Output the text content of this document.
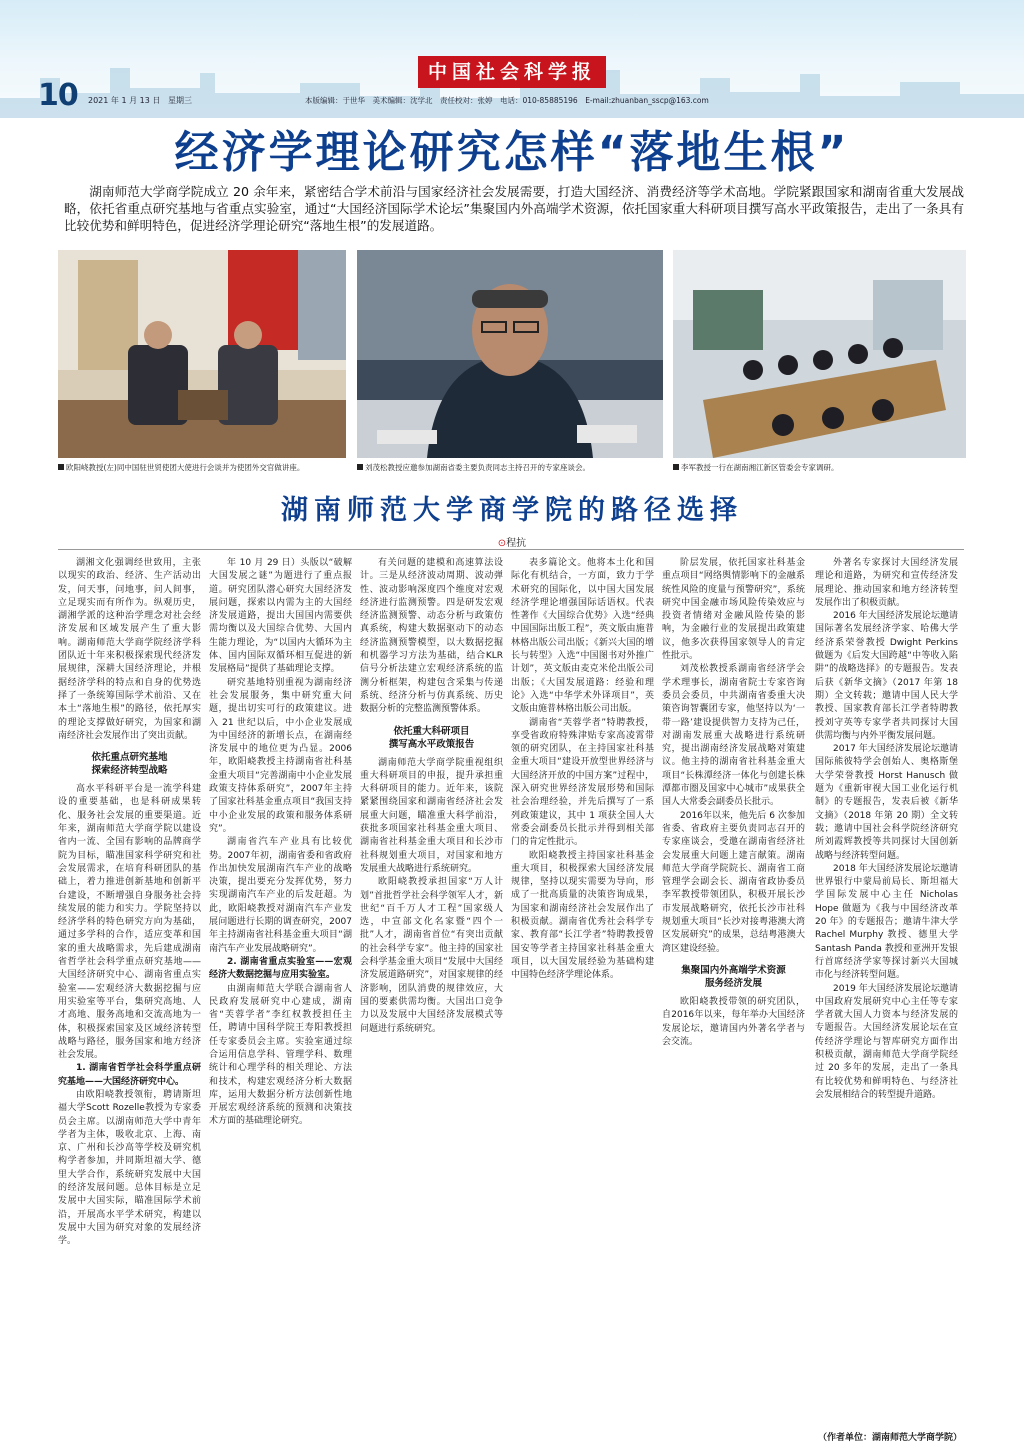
中国社会科学报
10 2021 年 1 月 13 日 星期三	本版编辑：于世华　美术编辑：沈学北　责任校对：张婷　电话：010-85885196　E-mail:zhuanban_sscp@163.com
经济学理论研究怎样“落地生根”

湖南师范大学商学院成立 20 余年来，紧密结合学术前沿与国家经济社会发展需要，打造大国经济、消费经济等学术高地。学院紧跟国家和湖南省重大发展战略，依托省重点研究基地与省重点实验室，通过“大国经济国际学术论坛”集聚国内外高端学术资源，依托国家重大科研项目撰写高水平政策报告，走出了一条具有比较优势和鲜明特色，促进经济学理论研究“落地生根”的发展道路。

欧阳峣教授(左)同中国驻世贸使团大使进行会谈并为使团外交官做讲座。	刘茂松教授应邀参加湖南省委主要负责同志主持召开的专家座谈会。	李军教授一行在湖南湘江新区管委会专家调研。
湖南师范大学商学院的路径选择
⊙程抗

湖湘文化强调经世致用，主张以现实的政治、经济、生产活动出发，问天事，问地事，问人间事，立足现实而有所作为。纵观历史，湖湘学派的这种治学理念对社会经济发展和区域发展产生了重大影响。湖南师范大学商学院经济学科团队近十年来积极探索现代经济发展规律，深耕大国经济理论，并根据经济学科的特点和自身的优势选择了一条统筹国际学术前沿、又在本土“落地生根”的路径，依托厚实的理论支撑做好研究，为国家和湖南经济社会发展作出了突出贡献。

依托重点研究基地
探索经济转型战略

高水平科研平台是一流学科建设的重要基础，也是科研成果转化、服务社会发展的重要渠道。近年来，湖南师范大学商学院以建设省内一流、全国有影响的品牌商学院为目标，瞄准国家科学研究和社会发展需求，在培育科研团队的基础上，着力推进创新基地和创新平台建设，不断增强自身服务社会持续发展的能力和实力。学院坚持以经济学科的特色研究方向为基础，通过多学科的合作，适应变革和国家的重大战略需求，先后建成湖南省哲学社会科学重点研究基地——大国经济研究中心、湖南省重点实验室——宏观经济大数据挖掘与应用实验室等平台，集研究高地、人才高地、服务高地和交流高地为一体，积极探索国家及区域经济转型战略与路径，服务国家和地方经济社会发展。

1. 湖南省哲学社会科学重点研究基地——大国经济研究中心。

由欧阳峣教授领衔，聘请斯坦福大学Scott Rozelle教授为专家委员会主席。以湖南师范大学中青年学者为主体，吸收北京、上海、南京、广州和长沙高等学校及研究机构学者参加，并同斯坦福大学、德里大学合作，系统研究发展中大国的经济发展问题。总体目标是立足发展中大国实际，瞄准国际学术前沿，开展高水平学术研究，构建以发展中大国为研究对象的发展经济学。

年 10 月 29 日）头版以“破解大国发展之谜”为题进行了重点报道。研究团队潜心研究大国经济发展问题，探索以内需为主的大国经济发展道路，提出大国国内需要供需均衡以及大国综合优势、大国内生能力理论，为“以国内大循环为主体、国内国际双循环相互促进的新发展格局”提供了基础理论支撑。

研究基地特别重视为湖南经济社会发展服务，集中研究重大问题，提出切实可行的政策建议。进入 21 世纪以后，中小企业发展成为中国经济的新增长点，在湖南经济发展中的地位更为凸显。2006年，欧阳峣教授主持湖南省社科基金重大项目“完善湖南中小企业发展政策支持体系研究”，2007年主持了国家社科基金重点项目“我国支持中小企业发展的政策和服务体系研究”。

湖南省汽车产业具有比较优势。2007年初，湖南省委和省政府作出加快发展湖南汽车产业的战略决策，提出要充分发挥优势，努力实现湖南汽车产业的后发赶超。为此，欧阳峣教授对湖南汽车产业发展问题进行长期的调查研究，2007年主持湖南省社科基金重大项目“湖南汽车产业发展战略研究”。

2. 湖南省重点实验室——宏观经济大数据挖掘与应用实验室。

由湖南师范大学联合湖南省人民政府发展研究中心建成，湖南省“芙蓉学者”李红权教授担任主任，聘请中国科学院王寿阳教授担任专家委员会主席。实验室通过综合运用信息学科、管理学科、数理统计和心理学科的相关理论、方法和技术，构建宏观经济分析大数据库，运用大数据分析方法创新性地开展宏观经济系统的预测和决策技术方面的基础理论研究。

有关问题的建模和高速算法设计。三是从经济波动周期、波动弹性、波动影响深度四个维度对宏观经济进行监测预警。四是研发宏观经济监测预警、动态分析与政策仿真系统，构建大数据驱动下的动态经济监测预警模型，以大数据挖掘和机器学习方法为基础，结合KLR 信号分析法建立宏观经济系统的监测分析框架，构建包含采集与传递系统、经济分析与仿真系统、历史数据分析的完整监测预警体系。

依托重大科研项目
撰写高水平政策报告

湖南师范大学商学院重视组织重大科研项目的申报，提升承担重大科研项目的能力。近年来，该院紧紧围绕国家和湖南省经济社会发展重大问题，瞄准重大科学前沿，获批多项国家社科基金重大项目、湖南省社科基金重大项目和长沙市社科规划重大项目，对国家和地方发展重大战略进行系统研究。

欧阳峣教授承担国家“万人计划”首批哲学社会科学领军人才，新世纪“百千万人才工程”国家级人选，中宣部文化名家暨“四个一批”人才，湖南省首位“有突出贡献的社会科学专家”。他主持的国家社会科学基金重大项目“发展中大国经济发展道路研究”，对国家规律的经济影响，团队消费的规律效应，大国的要素供需均衡。大国出口竞争力以及发展中大国经济发展模式等问题进行系统研究。

表多篇论文。他将本土化和国际化有机结合，一方面，致力于学术研究的国际化，以中国大国发展经济学理论增强国际话语权。代表性著作《大国综合优势》入选“经典中国国际出版工程”，英文版由施普林格出版公司出版；《新兴大国的增长与转型》入选“中国图书对外推广计划”，英文版由麦克米伦出版公司出版；《大国发展道路：经验和理论》入选“中华学术外译项目”，英文版由施普林格出版公司出版。

湖南省“芙蓉学者”特聘教授，享受省政府特殊津贴专家高凌霄带领的研究团队，在主持国家社科基金重大项目“建设开放型世界经济与大国经济开放的中国方案”过程中，深入研究世界经济发展形势和国际社会治理经验，并先后撰写了一系列政策建议，其中 1 项获全国人大常委会副委员长批示并得到相关部门的肯定性批示。

欧阳峣教授主持国家社科基金重大项目，积极探索大国经济发展规律，坚持以现实需要为导向，形成了一批高质量的决策咨询成果，为国家和湖南经济社会发展作出了积极贡献。湖南省优秀社会科学专家、教育部“长江学者”特聘教授曾国安等学者主持国家社科基金重大项目，以大国发展经验为基础构建中国特色经济学理论体系。

阶层发展，依托国家社科基金重点项目“网络舆情影响下的金融系统性风险的度量与预警研究”，系统研究中国金融市场风险传染效应与投资者情绪对金融风险传染的影响，为金融行业的发展提出政策建议，他多次获得国家领导人的肯定性批示。

刘茂松教授系湖南省经济学会学术理事长，湖南省院士专家咨询委员会委员，中共湖南省委重大决策咨询智囊团专家，他坚持以为‘一带一路’建设提供智力支持为己任，对湖南发展重大战略进行系统研究，提出湖南经济发展战略对策建议。他主持的湖南省社科基金重大项目“长株潭经济一体化与创建长株潭都市圈及国家中心城市”成果获全国人大常委会副委员长批示。

2016年以来，他先后 6 次参加省委、省政府主要负责同志召开的专家座谈会，受邀在湖南省经济社会发展重大问题上建言献策。湖南师范大学商学院院长、湖南省工商管理学会副会长、湖南省政协委员李军教授带领团队，积极开展长沙市发展战略研究，依托长沙市社科规划重大项目“长沙对接粤港澳大湾区发展研究”的成果，总结粤港澳大湾区建设经验。

集聚国内外高端学术资源
服务经济发展

欧阳峣教授带领的研究团队，自2016年以来，每年举办大国经济发展论坛，邀请国内外著名学者与会交流。

外著名专家探讨大国经济发展理论和道路，为研究和宣传经济发展理论、推动国家和地方经济转型发展作出了积极贡献。

2016 年大国经济发展论坛邀请国际著名发展经济学家、哈佛大学经济系荣誉教授 Dwight Perkins 做题为《后发大国跨越“中等收入陷阱”的战略选择》的专题报告。发表后获《新华文摘》（2017 年第 18 期）全文转载；邀请中国人民大学教授、国家教育部长江学者特聘教授刘守英等专家学者共同探讨大国供需均衡与内外平衡发展问题。

2017 年大国经济发展论坛邀请国际熊彼特学会创始人、奥格斯堡大学荣誉教授 Horst Hanusch 做题为《重新审视大国工业化运行机制》的专题报告，发表后被《新华文摘》（2018 年第 20 期）全文转载；邀请中国社会科学院经济研究所刘霞辉教授等共同探讨大国创新战略与经济转型问题。

2018 年大国经济发展论坛邀请世界银行中蒙局前局长、斯坦福大学国际发展中心主任 Nicholas Hope 做题为《我与中国经济改革 20 年》的专题报告；邀请牛津大学 Rachel Murphy 教授、德里大学 Santash Panda 教授和亚洲开发银行首席经济学家等探讨新兴大国城市化与经济转型问题。

2019 年大国经济发展论坛邀请中国政府发展研究中心主任等专家学者就大国人力资本与经济发展的专题报告。大国经济发展论坛在宣传经济学理论与智库研究方面作出积极贡献，湖南师范大学商学院经过 20 多年的发展，走出了一条具有比较优势和鲜明特色、与经济社会发展相结合的转型提升道路。

（作者单位：湖南师范大学商学院）
